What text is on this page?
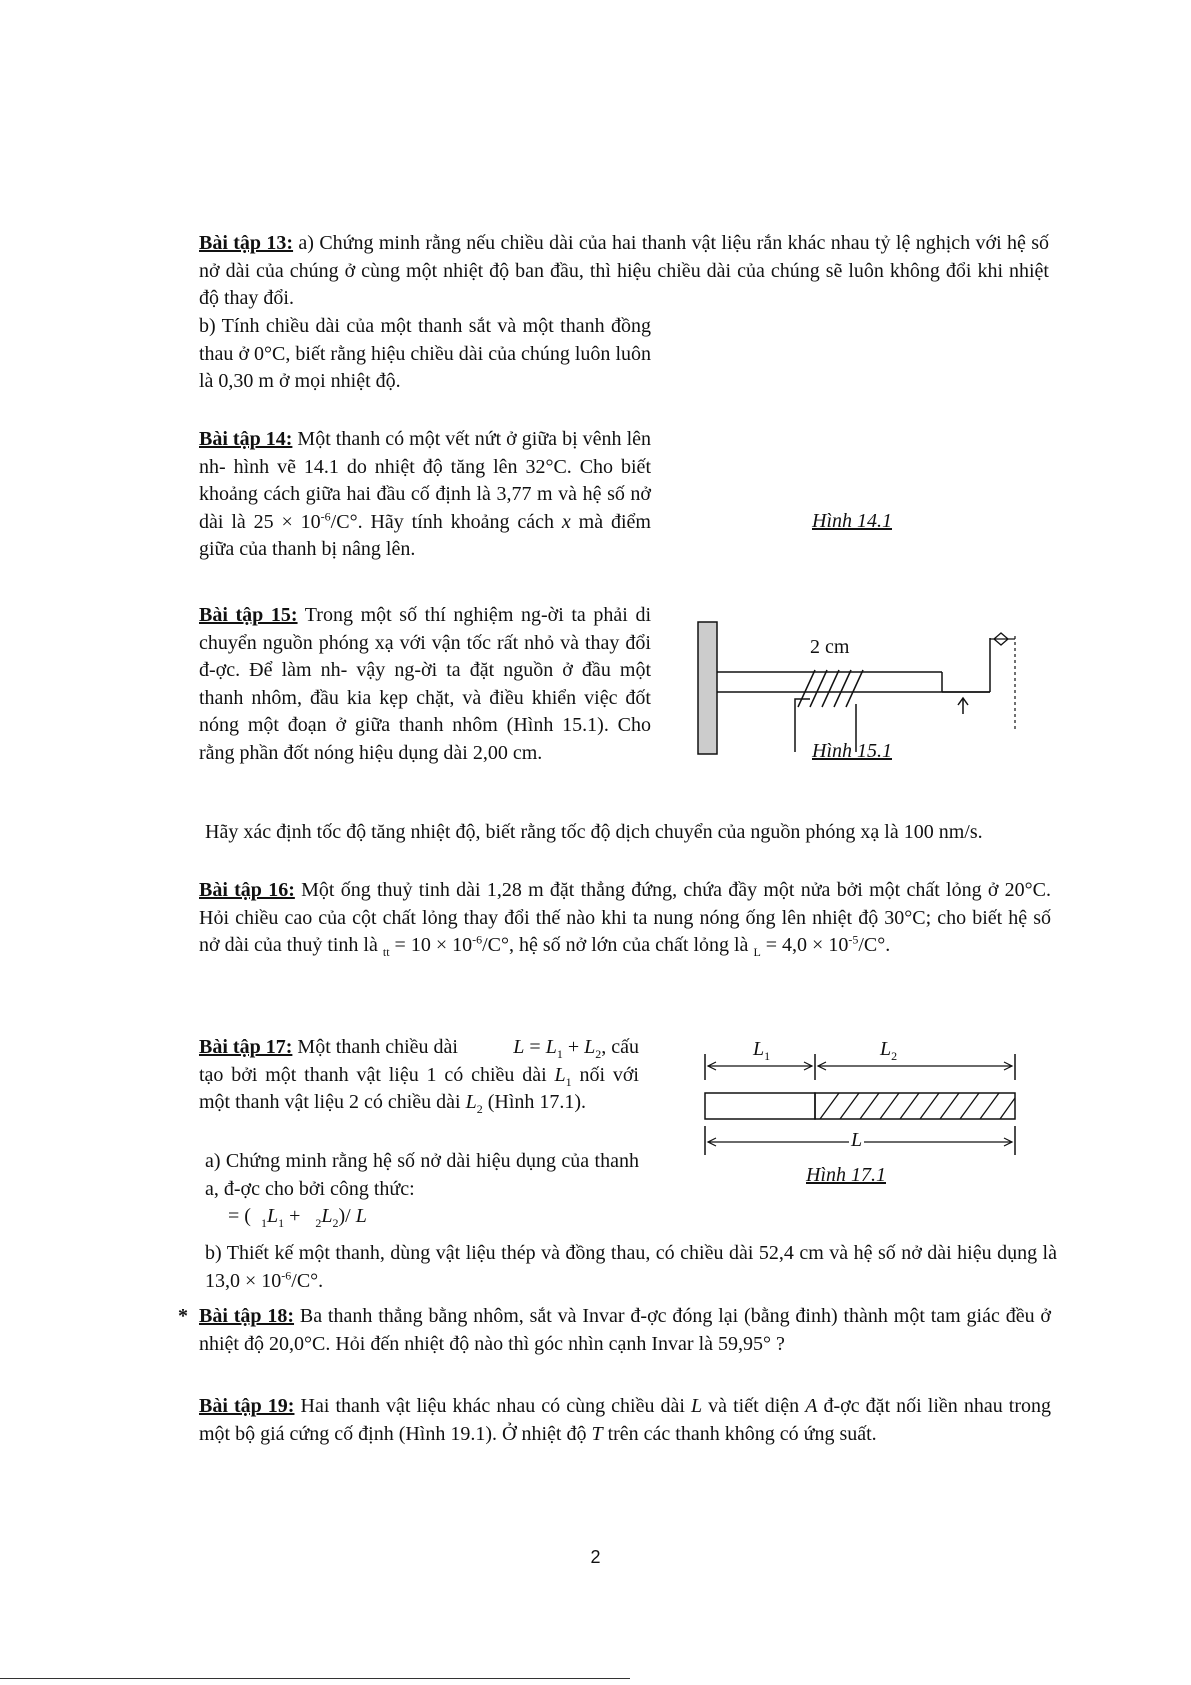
Bài tập 13: a) Chứng minh rằng nếu chiều dài của hai thanh vật liệu rắn khác nhau tỷ lệ nghịch với hệ số nở dài của chúng ở cùng một nhiệt độ ban đầu, thì hiệu chiều dài của chúng sẽ luôn không đổi khi nhiệt độ thay đổi.
b) Tính chiều dài của một thanh sắt và một thanh đồng thau ở 0°C, biết rằng hiệu chiều dài của chúng luôn luôn là 0,30 m ở mọi nhiệt độ.
Bài tập 14: Một thanh có một vết nứt ở giữa bị vênh lên nh- hình vẽ 14.1 do nhiệt độ tăng lên 32°C. Cho biết khoảng cách giữa hai đầu cố định là 3,77 m và hệ số nở dài là $25 \times 10^{-6}/C^\circ$. Hãy tính khoảng cách x mà điểm giữa của thanh bị nâng lên.
Hình 14.1
Bài tập 15: Trong một số thí nghiệm ng-ời ta phải di chuyển nguồn phóng xạ với vận tốc rất nhỏ và thay đổi đ-ợc. Để làm nh- vậy ng-ời ta đặt nguồn ở đầu một thanh nhôm, đầu kia kẹp chặt, và điều khiển việc đốt nóng một đoạn ở giữa thanh nhôm (Hình 15.1). Cho rằng phần đốt nóng hiệu dụng dài 2,00 cm.
2 cm
Hình 15.1
Hãy xác định tốc độ tăng nhiệt độ, biết rằng tốc độ dịch chuyển của nguồn phóng xạ là 100 nm/s.
Bài tập 16: Một ống thuỷ tinh dài 1,28 m đặt thẳng đứng, chứa đầy một nửa bởi một chất lỏng ở 20°C. Hỏi chiều cao của cột chất lỏng thay đổi thế nào khi ta nung nóng ống lên nhiệt độ 30°C; cho biết hệ số nở dài của thuỷ tinh là $_{tt} = 10 \times 10^{-6}/C^\circ$, hệ số nở lớn của chất lỏng là $_L = 4,0 \times 10^{-5}/C^\circ$.
Bài tập 17: Một thanh chiều dài	$L = L_1 + L_2$, cấu tạo bởi một thanh vật liệu 1 có chiều dài $L_1$ nối với một thanh vật liệu 2 có chiều dài $L_2$ (Hình 17.1).
a) Chứng minh rằng hệ số nở dài hiệu dụng của thanh a, đ-ợc cho bởi công thức:
= ( $_1L_1 + _2L_2)/$ L
$L_1$	$L_2$
L
Hình 17.1
b) Thiết kế một thanh, dùng vật liệu thép và đồng thau, có chiều dài 52,4 cm và hệ số nở dài hiệu dụng là $13,0 \times 10^{-6}/C^\circ$.
* Bài tập 18: Ba thanh thẳng bằng nhôm, sắt và Invar đ-ợc đóng lại (bằng đinh) thành một tam giác đều ở nhiệt độ 20,0°C. Hỏi đến nhiệt độ nào thì góc nhìn cạnh Invar là 59,95° ?
Bài tập 19: Hai thanh vật liệu khác nhau có cùng chiều dài L và tiết diện A đ-ợc đặt nối liền nhau trong một bộ giá cứng cố định (Hình 19.1). Ở nhiệt độ T trên các thanh không có ứng suất.
2
